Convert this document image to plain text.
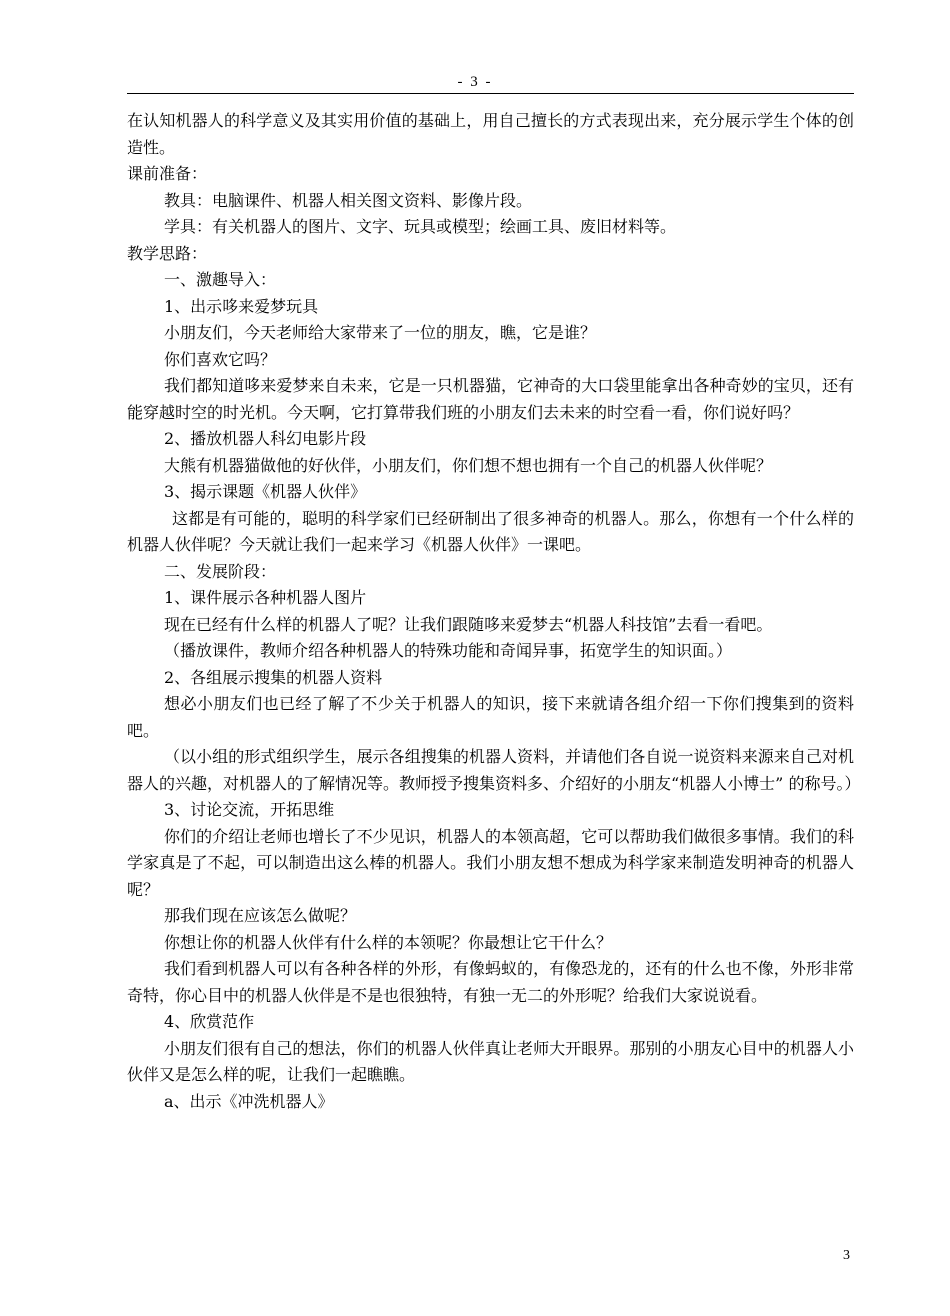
- 3 -

在认知机器人的科学意义及其实用价值的基础上，用自己擅长的方式表现出来，充分展示学生个体的创造性。

课前准备：

教具：电脑课件、机器人相关图文资料、影像片段。

学具：有关机器人的图片、文字、玩具或模型；绘画工具、废旧材料等。

教学思路：

一、激趣导入：

1、出示哆来爱梦玩具

小朋友们，今天老师给大家带来了一位的朋友，瞧，它是谁？

你们喜欢它吗？

我们都知道哆来爱梦来自未来，它是一只机器猫，它神奇的大口袋里能拿出各种奇妙的宝贝，还有能穿越时空的时光机。今天啊，它打算带我们班的小朋友们去未来的时空看一看，你们说好吗？

2、播放机器人科幻电影片段

大熊有机器猫做他的好伙伴，小朋友们，你们想不想也拥有一个自己的机器人伙伴呢？

3、揭示课题《机器人伙伴》

这都是有可能的，聪明的科学家们已经研制出了很多神奇的机器人。那么，你想有一个什么样的机器人伙伴呢？今天就让我们一起来学习《机器人伙伴》一课吧。

二、发展阶段：

1、课件展示各种机器人图片

现在已经有什么样的机器人了呢？让我们跟随哆来爱梦去“机器人科技馆”去看一看吧。

（播放课件，教师介绍各种机器人的特殊功能和奇闻异事，拓宽学生的知识面。）

2、各组展示搜集的机器人资料

想必小朋友们也已经了解了不少关于机器人的知识，接下来就请各组介绍一下你们搜集到的资料吧。

（以小组的形式组织学生，展示各组搜集的机器人资料，并请他们各自说一说资料来源来自己对机器人的兴趣，对机器人的了解情况等。教师授予搜集资料多、介绍好的小朋友“机器人小博士” 的称号。）

3、讨论交流，开拓思维

你们的介绍让老师也增长了不少见识，机器人的本领高超，它可以帮助我们做很多事情。我们的科学家真是了不起，可以制造出这么棒的机器人。我们小朋友想不想成为科学家来制造发明神奇的机器人呢？

那我们现在应该怎么做呢？

你想让你的机器人伙伴有什么样的本领呢？你最想让它干什么？

我们看到机器人可以有各种各样的外形，有像蚂蚁的，有像恐龙的，还有的什么也不像，外形非常奇特，你心目中的机器人伙伴是不是也很独特，有独一无二的外形呢？给我们大家说说看。

4、欣赏范作

小朋友们很有自己的想法，你们的机器人伙伴真让老师大开眼界。那别的小朋友心目中的机器人小伙伴又是怎么样的呢，让我们一起瞧瞧。

a、出示《冲洗机器人》

3
